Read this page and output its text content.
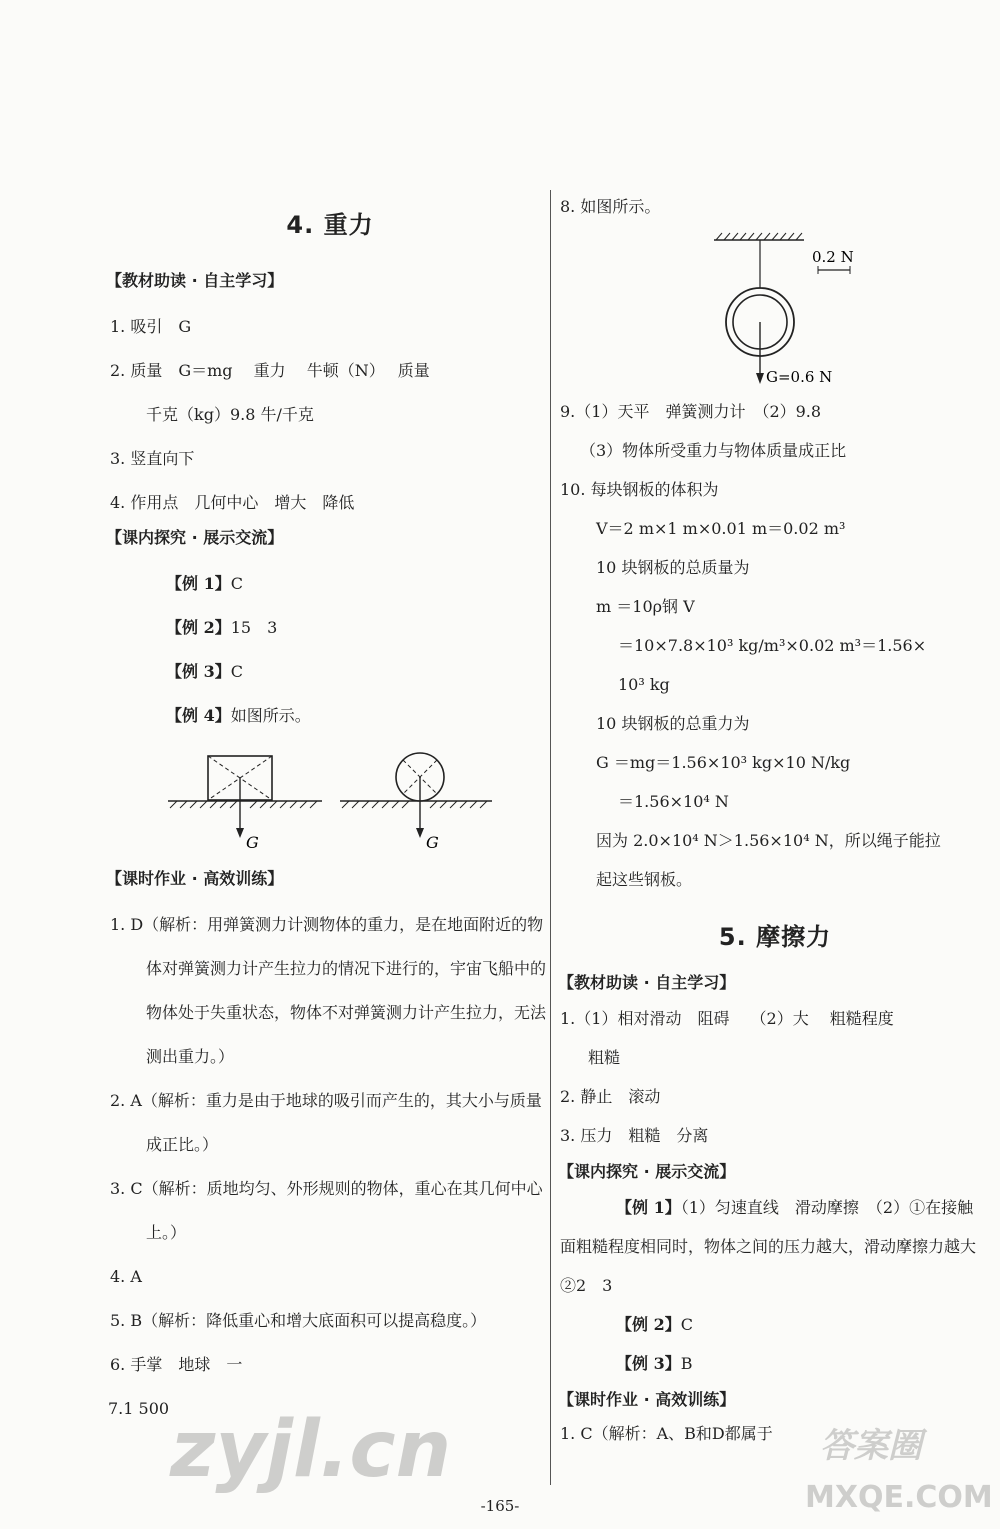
4. 重力
【教材助读 · 自主学习】
1. 吸引　G
2. 质量　G＝mg　 重力　 牛顿（N）　 质量
千克（kg）9.8 牛/千克
3. 竖直向下
4. 作用点　几何中心　增大　降低
【课内探究 · 展示交流】
【例 1】C
【例 2】15　3
【例 3】C
【例 4】如图所示。
G	G
【课时作业 · 高效训练】
1. D（解析：用弹簧测力计测物体的重力，是在地面附近的物体对弹簧测力计产生拉力的情况下进行的，宇宙飞船中的物体处于失重状态，物体不对弹簧测力计产生拉力，无法测出重力。）
2. A（解析：重力是由于地球的吸引而产生的，其大小与质量成正比。）
3. C（解析：质地均匀、外形规则的物体，重心在其几何中心上。）
4. A
5. B（解析：降低重心和增大底面积可以提高稳度。）
6. 手掌　地球　一
7.1 500
8. 如图所示。
0.2 N
G=0.6 N
9.（1）天平　弹簧测力计　（2）9.8
（3）物体所受重力与物体质量成正比
10. 每块钢板的体积为
V＝2 m×1 m×0.01 m＝0.02 m³
10 块钢板的总质量为
m ＝10ρ钢 V
＝10×7.8×10³ kg/m³×0.02 m³＝1.56×
10³ kg
10 块钢板的总重力为
G ＝mg＝1.56×10³ kg×10 N/kg
＝1.56×10⁴ N
因为 2.0×10⁴ N＞1.56×10⁴ N，所以绳子能拉
起这些钢板。
5. 摩擦力
【教材助读 · 自主学习】
1.（1）相对滑动　阻碍　 （2）大　 粗糙程度
粗糙
2. 静止　滚动
3. 压力　粗糙　分离
【课内探究 · 展示交流】
【例 1】（1）匀速直线　滑动摩擦　（2）①在接触面粗糙程度相同时，物体之间的压力越大，滑动摩擦力越大　②2　3
【例 2】C
【例 3】B
【课时作业 · 高效训练】
1. C（解析：A、B和D都属于
-165-
zyjl.cn	答案圈
MXQE.COM
